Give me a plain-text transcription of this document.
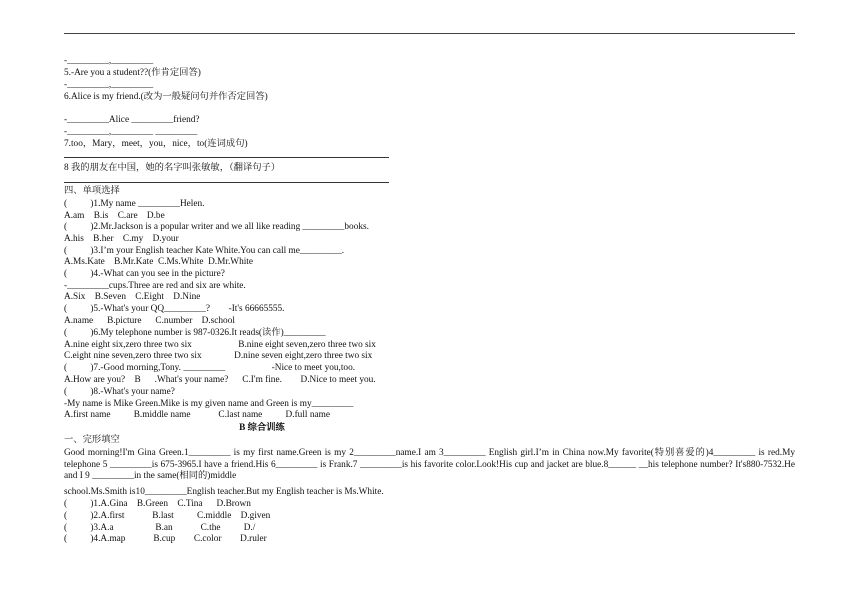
-_________,_________
5.-Are you a student??(作肯定回答)
-_________,_________
6.Alice is my friend.(改为一般疑问句并作否定回答)
-_________Alice _________friend?
-_________,_________ _________
7.too，Mary，meet，you，nice，to(连词成句)
8 我的朋友在中国，她的名字叫张敏敏，（翻译句子）
四、单项选择
(          )1.My name _________Helen.
A.am    B.is    C.are    D.be
(          )2.Mr.Jackson is a popular writer and we all like reading _________books.
A.his    B.her    C.my    D.your
(          )3.I’m your English teacher Kate White.You can call me_________.
A.Ms.Kate    B.Mr.Kate  C.Ms.White  D.Mr.White
(          )4.-What can you see in the picture?
-_________cups.Three are red and six are white.
A.Six    B.Seven    C.Eight    D.Nine
(          )5.-What's your QQ_________?        -It's 66665555.
A.name      B.picture      C.number    D.school
(          )6.My telephone number is 987-0326.It reads(读作)_________
A.nine eight six,zero three two six                    B.nine eight seven,zero three two six
C.eight nine seven,zero three two six              D.nine seven eight,zero three two six
(          )7.-Good morning,Tony. _________                    -Nice to meet you,too.
A.How are you?    B      .What's your name?      C.I'm fine.        D.Nice to meet you.
(          )8.-What's your name?
-My name is Mike Green.Mike is my given name and Green is my_________
A.first name          B.middle name            C.last name          D.full name
B 综合训练
一、完形填空
Good morning!I'm Gina Green.1_________ is my first name.Green is my 2_________name.I am 3_________ English girl.I’m in China now.My favorite(特别喜爱的)4_________ is red.My telephone 5 _________is 675-3965.I have a friend.His 6_________ is Frank.7 _________is his favorite color.Look!His cup and jacket are blue.8______ __his telephone number? It's880-7532.He and I 9 _________in the same(相同的)middle
school.Ms.Smith is10_________English teacher.But my English teacher is Ms.White.
(          )1.A.Gina    B.Green    C.Tina      D.Brown
(          )2.A.first            B.last          C.middle    D.given
(          )3.A.a                  B.an            C.the          D./
(          )4.A.map            B.cup        C.color        D.ruler
